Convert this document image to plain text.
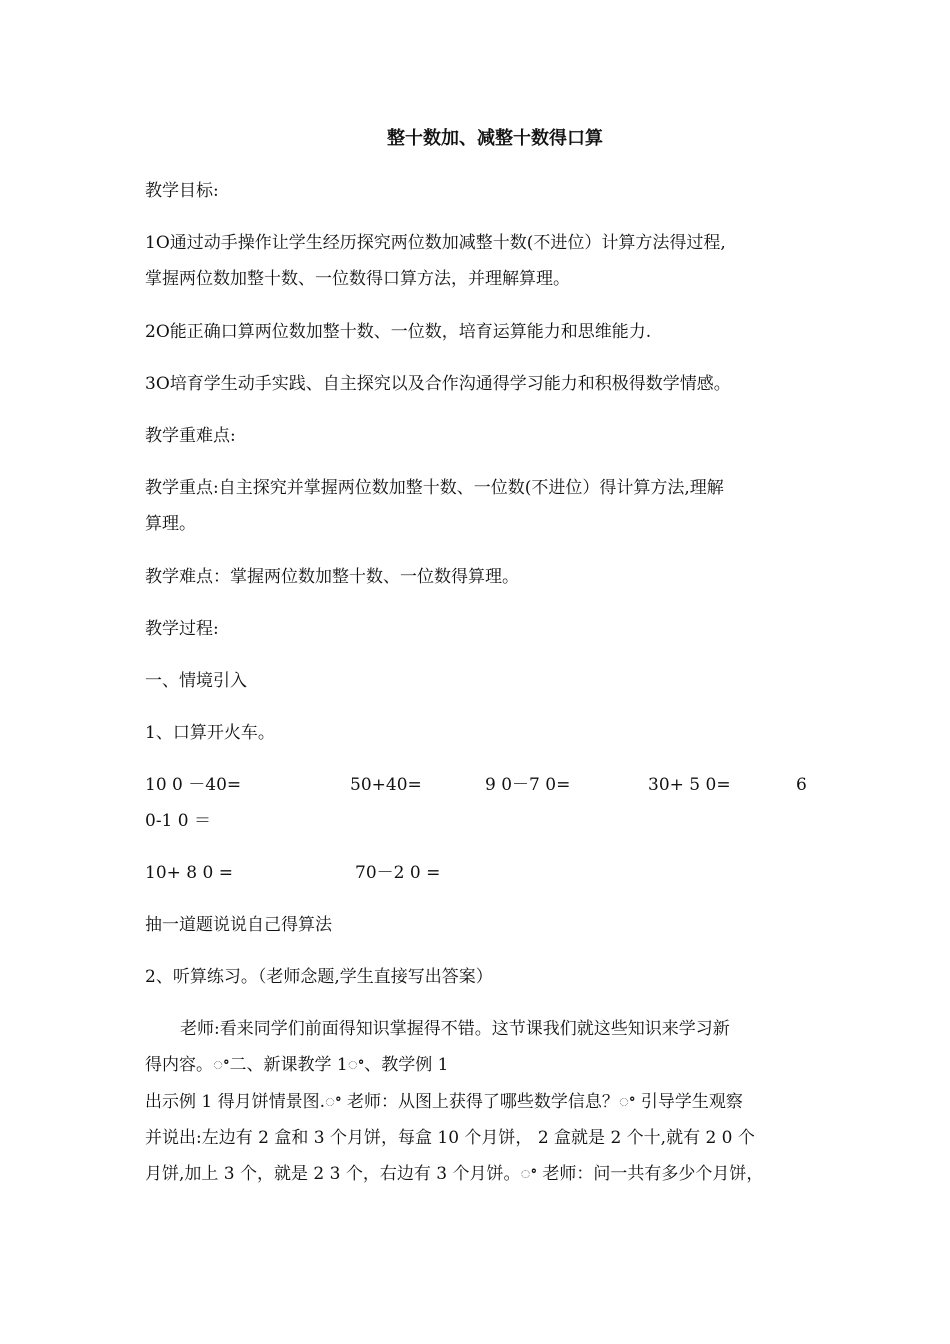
整十数加、减整十数得口算
教学目标:
1О通过动手操作让学生经历探究两位数加减整十数(不进位）计算方法得过程,
掌握两位数加整十数、一位数得口算方法，并理解算理。
2О能正确口算两位数加整十数、一位数，培育运算能力和思维能力.
3О培育学生动手实践、自主探究以及合作沟通得学习能力和积极得数学情感。
教学重难点:
教学重点:自主探究并掌握两位数加整十数、一位数(不进位）得计算方法,理解
算理。
教学难点：掌握两位数加整十数、一位数得算理。
教学过程:
一、情境引入
1、口算开火车。
10 0 －40=	50+40=	9 0－7 0=	30+ 5 0=	6
0-1 0 ＝
10+ 8 0 =	70－2 0 =
抽一道题说说自己得算法
2、听算练习。（老师念题,学生直接写出答案）
老师:看来同学们前面得知识掌握得不错。这节课我们就这些知识来学习新
得内容。ꢀ二、新课教学 1ꢀ、教学例 1
出示例 1 得月饼情景图.ꢀ 老师：从图上获得了哪些数学信息？ꢀ 引导学生观察
并说出:左边有 2 盒和 3 个月饼，每盒 10 个月饼， 2 盒就是 2 个十,就有 2 0 个
月饼,加上 3 个，就是 2 3 个，右边有 3 个月饼。ꢀ 老师：问一共有多少个月饼，
